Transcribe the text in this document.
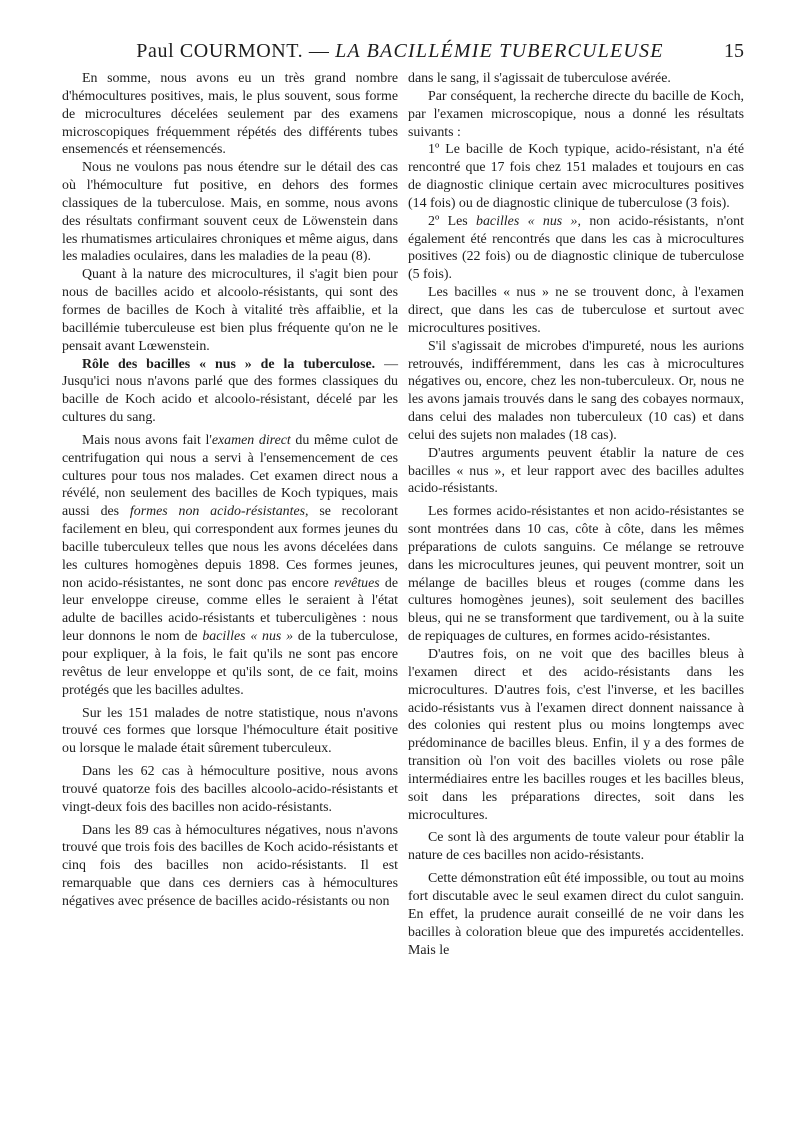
Paul COURMONT. — LA BACILLÉMIE TUBERCULEUSE	15

En somme, nous avons eu un très grand nombre d'hémocultures positives, mais, le plus souvent, sous forme de microcultures décelées seulement par des examens microscopiques fréquemment répétés des différents tubes ensemencés et réensemencés.

Nous ne voulons pas nous étendre sur le détail des cas où l'hémoculture fut positive, en dehors des formes classiques de la tuberculose. Mais, en somme, nous avons des résultats confirmant souvent ceux de Löwenstein dans les rhumatismes articulaires chroniques et même aigus, dans les maladies oculaires, dans les maladies de la peau (8).

Quant à la nature des microcultures, il s'agit bien pour nous de bacilles acido et alcoolo-résistants, qui sont des formes de bacilles de Koch à vitalité très affaiblie, et la bacillémie tuberculeuse est bien plus fréquente qu'on ne le pensait avant Lœwenstein.

Rôle des bacilles « nus » de la tuberculose. — Jusqu'ici nous n'avons parlé que des formes classiques du bacille de Koch acido et alcoolo-résistant, décelé par les cultures du sang.

Mais nous avons fait l'examen direct du même culot de centrifugation qui nous a servi à l'ensemencement de ces cultures pour tous nos malades. Cet examen direct nous a révélé, non seulement des bacilles de Koch typiques, mais aussi des formes non acido-résistantes, se recolorant facilement en bleu, qui correspondent aux formes jeunes du bacille tuberculeux telles que nous les avons décelées dans les cultures homogènes depuis 1898. Ces formes jeunes, non acido-résistantes, ne sont donc pas encore revêtues de leur enveloppe cireuse, comme elles le seraient à l'état adulte de bacilles acido-résistants et tuberculigènes : nous leur donnons le nom de bacilles « nus » de la tuberculose, pour expliquer, à la fois, le fait qu'ils ne sont pas encore revêtus de leur enveloppe et qu'ils sont, de ce fait, moins protégés que les bacilles adultes.

Sur les 151 malades de notre statistique, nous n'avons trouvé ces formes que lorsque l'hémoculture était positive ou lorsque le malade était sûrement tuberculeux.

Dans les 62 cas à hémoculture positive, nous avons trouvé quatorze fois des bacilles alcoolo-acido-résistants et vingt-deux fois des bacilles non acido-résistants.

Dans les 89 cas à hémocultures négatives, nous n'avons trouvé que trois fois des bacilles de Koch acido-résistants et cinq fois des bacilles non acido-résistants. Il est remarquable que dans ces derniers cas à hémocultures négatives avec présence de bacilles acido-résistants ou non

dans le sang, il s'agissait de tuberculose avérée.

Par conséquent, la recherche directe du bacille de Koch, par l'examen microscopique, nous a donné les résultats suivants :

1º Le bacille de Koch typique, acido-résistant, n'a été rencontré que 17 fois chez 151 malades et toujours en cas de diagnostic clinique certain avec microcultures positives (14 fois) ou de diagnostic clinique de tuberculose (3 fois).

2º Les bacilles « nus », non acido-résistants, n'ont également été rencontrés que dans les cas à microcultures positives (22 fois) ou de diagnostic clinique de tuberculose (5 fois).

Les bacilles « nus » ne se trouvent donc, à l'examen direct, que dans les cas de tuberculose et surtout avec microcultures positives.

S'il s'agissait de microbes d'impureté, nous les aurions retrouvés, indifféremment, dans les cas à microcultures négatives ou, encore, chez les non-tuberculeux. Or, nous ne les avons jamais trouvés dans le sang des cobayes normaux, dans celui des malades non tuberculeux (10 cas) et dans celui des sujets non malades (18 cas).

D'autres arguments peuvent établir la nature de ces bacilles « nus », et leur rapport avec des bacilles adultes acido-résistants.

Les formes acido-résistantes et non acido-résistantes se sont montrées dans 10 cas, côte à côte, dans les mêmes préparations de culots sanguins. Ce mélange se retrouve dans les microcultures jeunes, qui peuvent montrer, soit un mélange de bacilles bleus et rouges (comme dans les cultures homogènes jeunes), soit seulement des bacilles bleus, qui ne se transforment que tardivement, ou à la suite de repiquages de cultures, en formes acido-résistantes.

D'autres fois, on ne voit que des bacilles bleus à l'examen direct et des acido-résistants dans les microcultures. D'autres fois, c'est l'inverse, et les bacilles acido-résistants vus à l'examen direct donnent naissance à des colonies qui restent plus ou moins longtemps avec prédominance de bacilles bleus. Enfin, il y a des formes de transition où l'on voit des bacilles violets ou rose pâle intermédiaires entre les bacilles rouges et les bacilles bleus, soit dans les préparations directes, soit dans les microcultures.

Ce sont là des arguments de toute valeur pour établir la nature de ces bacilles non acido-résistants.

Cette démonstration eût été impossible, ou tout au moins fort discutable avec le seul examen direct du culot sanguin. En effet, la prudence aurait conseillé de ne voir dans les bacilles à coloration bleue que des impuretés accidentelles. Mais le
